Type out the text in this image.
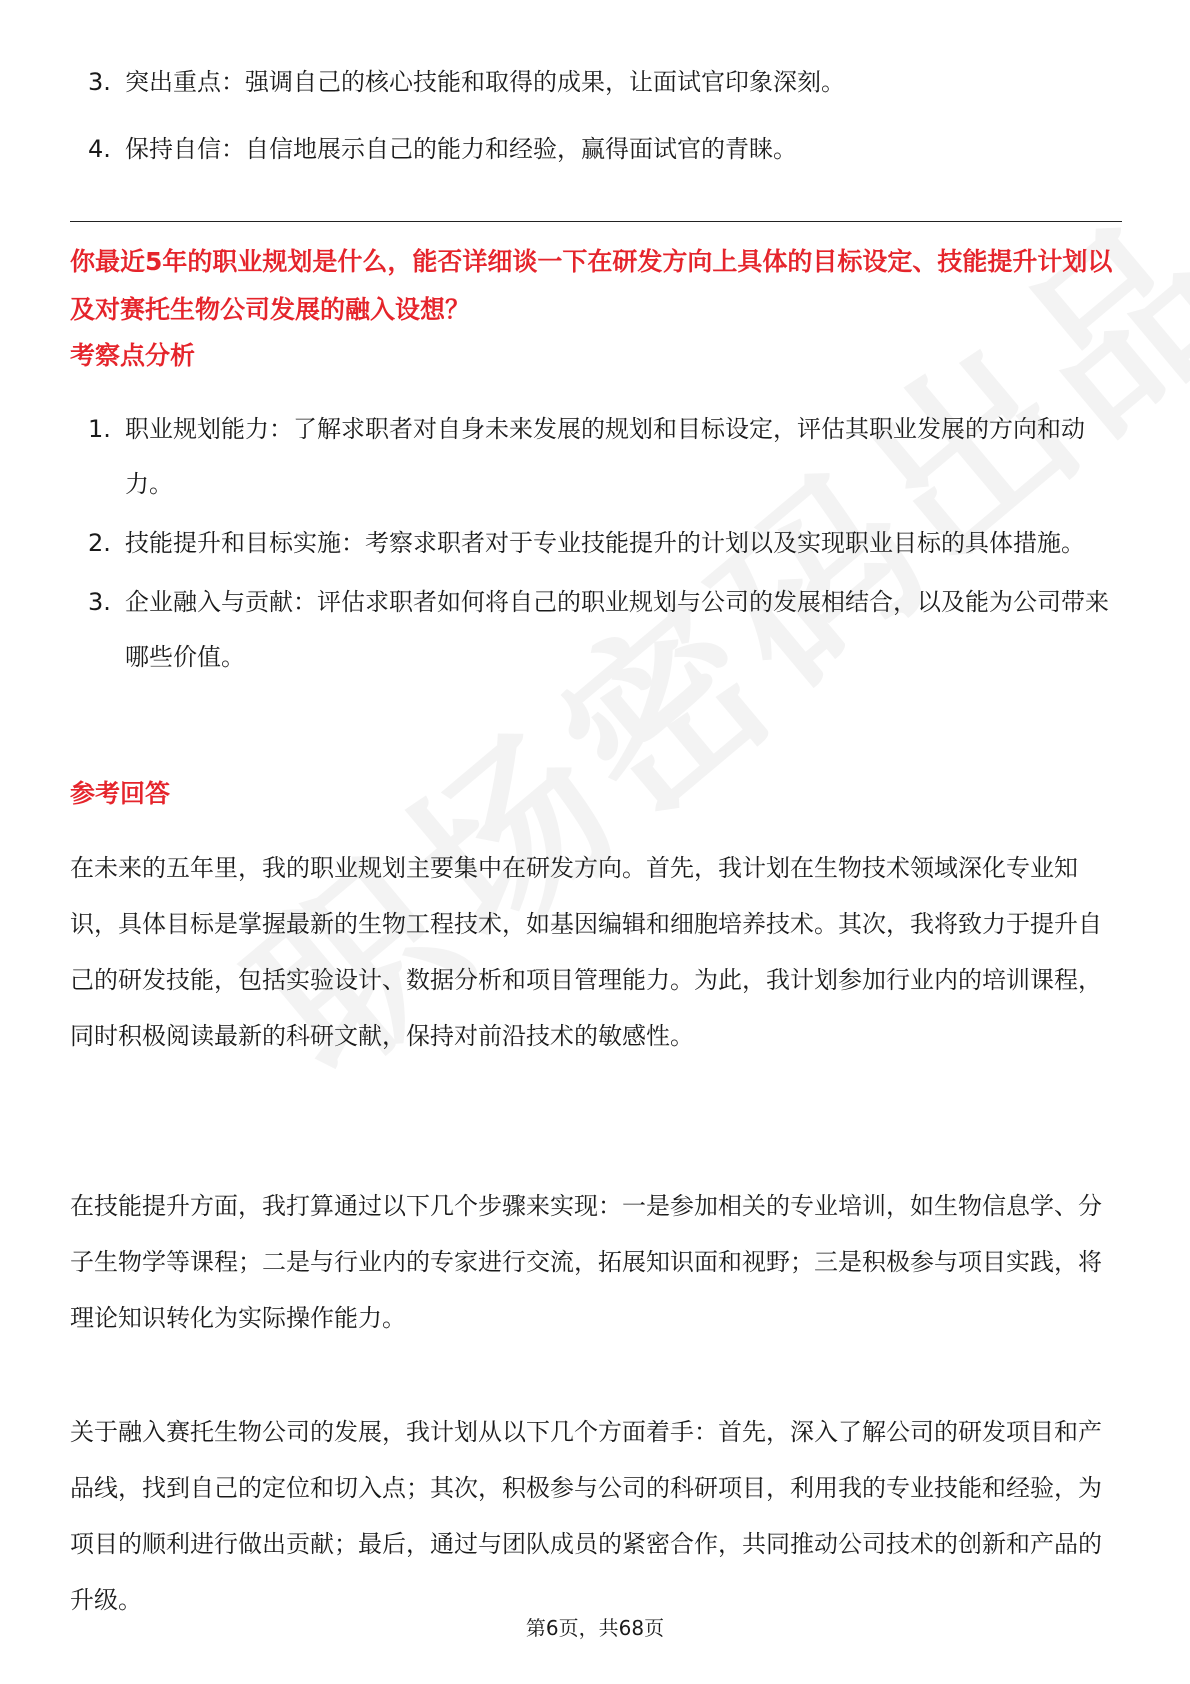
3. 突出重点：强调自己的核心技能和取得的成果，让面试官印象深刻。
4. 保持自信：自信地展示自己的能力和经验，赢得面试官的青睐。

你最近5年的职业规划是什么，能否详细谈一下在研发方向上具体的目标设定、技能提升计划以及对赛托生物公司发展的融入设想？

考察点分析
1. 职业规划能力：了解求职者对自身未来发展的规划和目标设定，评估其职业发展的方向和动力。
2. 技能提升和目标实施：考察求职者对于专业技能提升的计划以及实现职业目标的具体措施。
3. 企业融入与贡献：评估求职者如何将自己的职业规划与公司的发展相结合，以及能为公司带来哪些价值。
参考回答

在未来的五年里，我的职业规划主要集中在研发方向。首先，我计划在生物技术领域深化专业知识，具体目标是掌握最新的生物工程技术，如基因编辑和细胞培养技术。其次，我将致力于提升自己的研发技能，包括实验设计、数据分析和项目管理能力。为此，我计划参加行业内的培训课程，同时积极阅读最新的科研文献，保持对前沿技术的敏感性。

在技能提升方面，我打算通过以下几个步骤来实现：一是参加相关的专业培训，如生物信息学、分子生物学等课程；二是与行业内的专家进行交流，拓展知识面和视野；三是积极参与项目实践，将理论知识转化为实际操作能力。

关于融入赛托生物公司的发展，我计划从以下几个方面着手：首先，深入了解公司的研发项目和产品线，找到自己的定位和切入点；其次，积极参与公司的科研项目，利用我的专业技能和经验，为项目的顺利进行做出贡献；最后，通过与团队成员的紧密合作，共同推动公司技术的创新和产品的升级。

第6页，共68页
